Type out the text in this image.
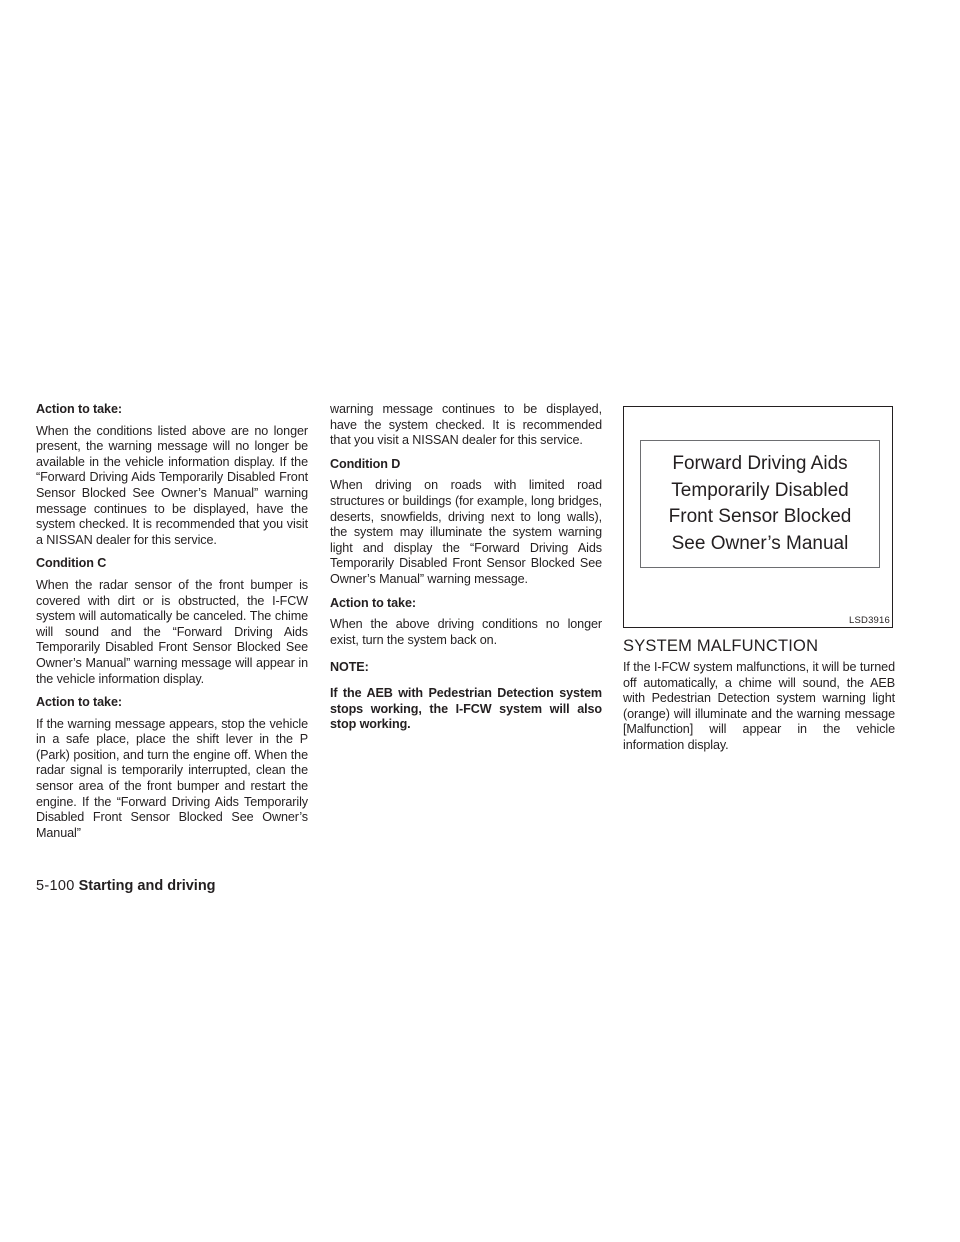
Action to take:

When the conditions listed above are no longer present, the warning message will no longer be available in the vehicle information display. If the “Forward Driving Aids Temporarily Disabled Front Sensor Blocked See Owner’s Manual” warning message continues to be displayed, have the system checked. It is recommended that you visit a NISSAN dealer for this service.

Condition C

When the radar sensor of the front bumper is covered with dirt or is obstructed, the I-FCW system will automatically be canceled. The chime will sound and the “Forward Driving Aids Temporarily Disabled Front Sensor Blocked See Owner’s Manual” warning message will appear in the vehicle information display.

Action to take:

If the warning message appears, stop the vehicle in a safe place, place the shift lever in the P (Park) position, and turn the engine off. When the radar signal is temporarily interrupted, clean the sensor area of the front bumper and restart the engine. If the “Forward Driving Aids Temporarily Disabled Front Sensor Blocked See Owner’s Manual”

warning message continues to be displayed, have the system checked. It is recommended that you visit a NISSAN dealer for this service.

Condition D

When driving on roads with limited road structures or buildings (for example, long bridges, deserts, snowfields, driving next to long walls), the system may illuminate the system warning light and display the “Forward Driving Aids Temporarily Disabled Front Sensor Blocked See Owner’s Manual” warning message.

Action to take:

When the above driving conditions no longer exist, turn the system back on.

NOTE:

If the AEB with Pedestrian Detection system stops working, the I-FCW system will also stop working.

Forward Driving Aids
Temporarily Disabled
Front Sensor Blocked
See Owner’s Manual
LSD3916
SYSTEM MALFUNCTION

If the I-FCW system malfunctions, it will be turned off automatically, a chime will sound, the AEB with Pedestrian Detection system warning light (orange) will illuminate and the warning message [Malfunction] will appear in the vehicle information display.

5-100 Starting and driving
